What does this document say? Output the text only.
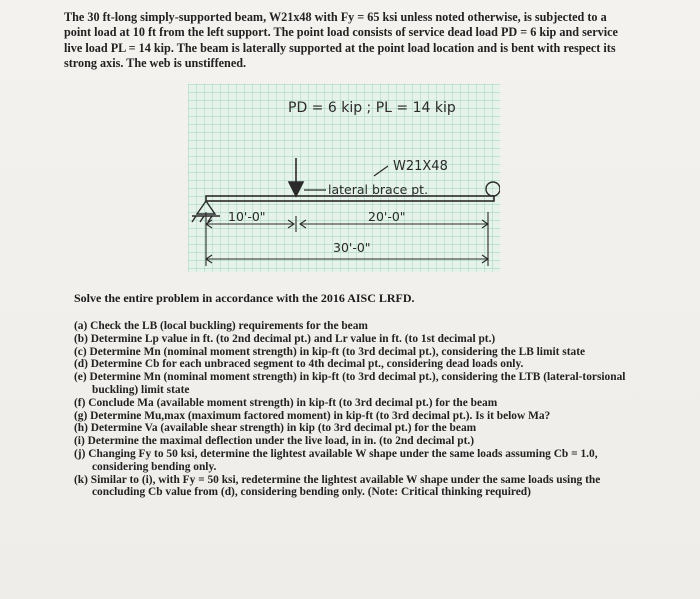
The 30 ft-long simply-supported beam, W21x48 with Fy = 65 ksi unless noted otherwise, is subjected to a point load at 10 ft from the left support. The point load consists of service dead load PD = 6 kip and service live load PL = 14 kip. The beam is laterally supported at the point load location and is bent with respect its strong axis. The web is unstiffened.

PD = 6 kip ; PL = 14 kip
W21X48
lateral brace pt.
10'-0"	20'-0"
30'-0"
Solve the entire problem in accordance with the 2016 AISC LRFD.
(a) Check the LB (local buckling) requirements for the beam
(b) Determine Lp value in ft. (to 2nd decimal pt.) and Lr value in ft. (to 1st decimal pt.)
(c) Determine Mn (nominal moment strength) in kip-ft (to 3rd decimal pt.), considering the LB limit state
(d) Determine Cb for each unbraced segment to 4th decimal pt., considering dead loads only.
(e) Determine Mn (nominal moment strength) in kip-ft (to 3rd decimal pt.), considering the LTB (lateral-torsional buckling) limit state
(f) Conclude Ma (available moment strength) in kip-ft (to 3rd decimal pt.) for the beam
(g) Determine Mu,max (maximum factored moment) in kip-ft (to 3rd decimal pt.). Is it below Ma?
(h) Determine Va (available shear strength) in kip (to 3rd decimal pt.) for the beam
(i) Determine the maximal deflection under the live load, in in. (to 2nd decimal pt.)
(j) Changing Fy to 50 ksi, determine the lightest available W shape under the same loads assuming Cb = 1.0, considering bending only.
(k) Similar to (i), with Fy = 50 ksi, redetermine the lightest available W shape under the same loads using the concluding Cb value from (d), considering bending only. (Note: Critical thinking required)
